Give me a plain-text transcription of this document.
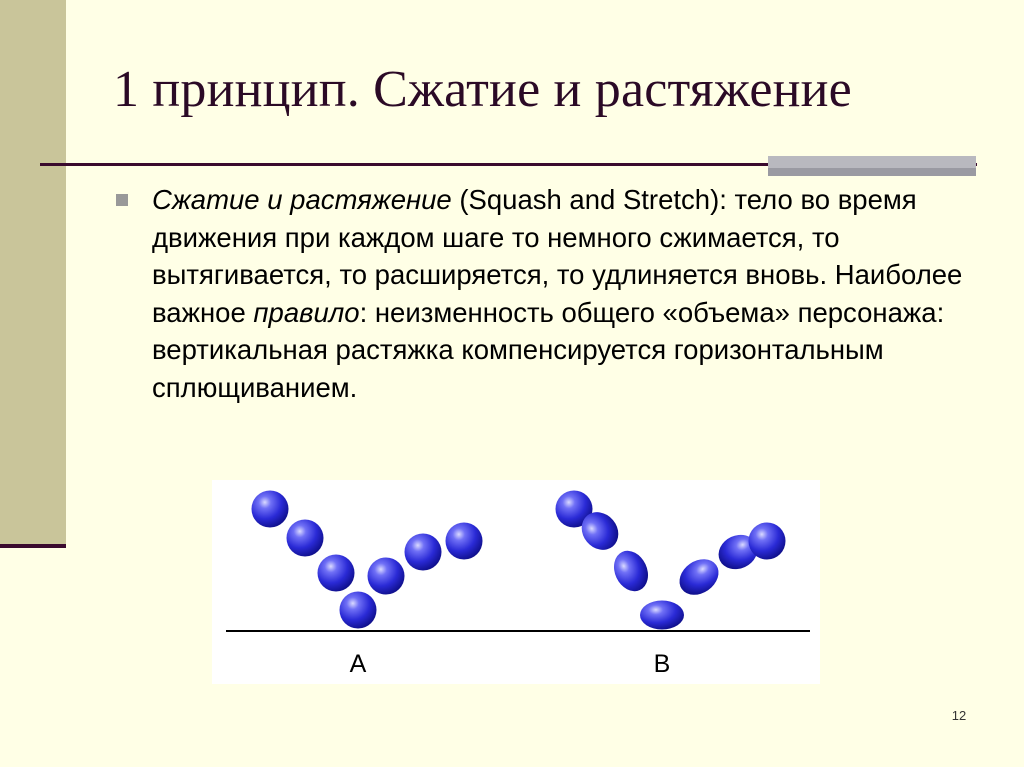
1 принцип. Сжатие и растяжение

Сжатие и растяжение (Squash and Stretch): тело во время движения при каждом шаге то немного сжимается, то вытягивается, то расширяется, то удлиняется вновь. Наиболее важное правило: неизменность общего «объема» персонажа: вертикальная растяжка компенсируется горизонтальным сплющиванием.

A	B
12
